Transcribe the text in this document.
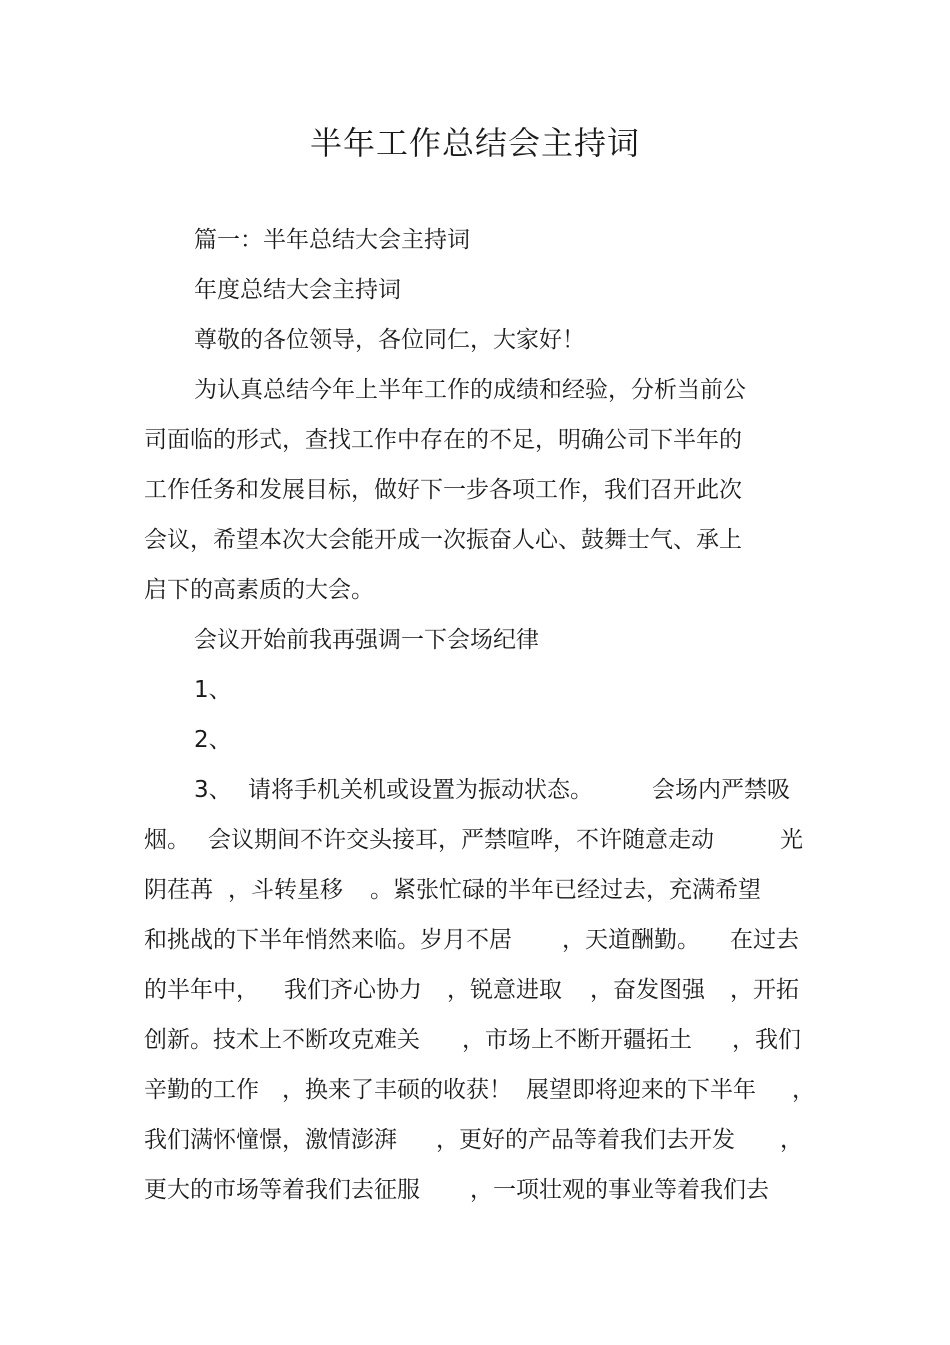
半年工作总结会主持词
篇一：半年总结大会主持词
年度总结大会主持词
尊敬的各位领导，各位同仁，大家好！
为认真总结今年上半年工作的成绩和经验，分析当前公
司面临的形式，查找工作中存在的不足，明确公司下半年的
工作任务和发展目标，做好下一步各项工作，我们召开此次
会议，希望本次大会能开成一次振奋人心、鼓舞士气、承上
启下的高素质的大会。
会议开始前我再强调一下会场纪律
1、
2、
3、 请将手机关机或设置为振动状态。	会场内严禁吸
烟。 会议期间不许交头接耳，严禁喧哗，不许随意走动	光
阴荏苒 ，斗转星移 。紧张忙碌的半年已经过去，充满希望
和挑战的下半年悄然来临。岁月不居 ，天道酬勤。 在过去
的半年中， 我们齐心协力 ，锐意进取 ，奋发图强 ，开拓
创新。技术上不断攻克难关 ，市场上不断开疆拓土 ，我们
辛勤的工作 ，换来了丰硕的收获！ 展望即将迎来的下半年 ，
我们满怀憧憬，激情澎湃 ，更好的产品等着我们去开发 ，
更大的市场等着我们去征服 ，一项壮观的事业等着我们去
